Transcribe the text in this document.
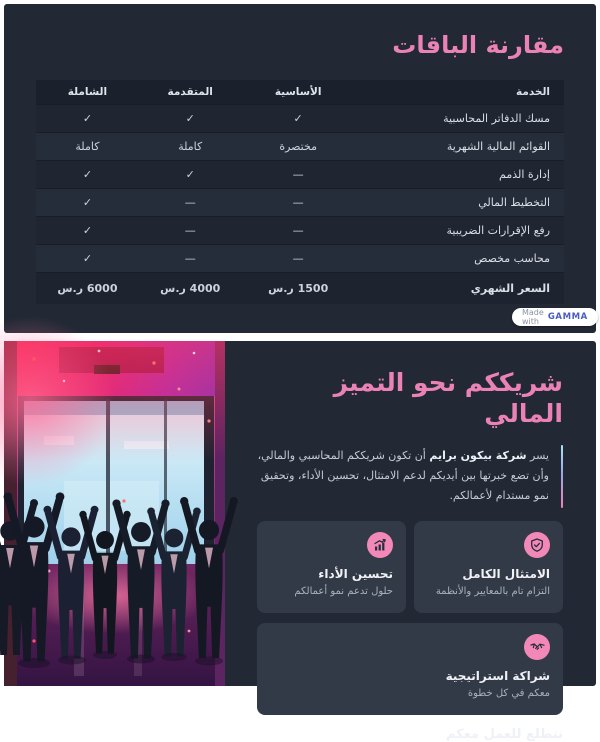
مقارنة الباقات
الخدمة
الأساسية
المتقدمة
الشاملة
مسك الدفاتر المحاسبية
✓
✓
✓
القوائم المالية الشهرية
مختصرة
كاملة
كاملة
إدارة الذمم
—
✓
✓
التخطيط المالي
—
—
✓
رفع الإقرارات الضريبية
—
—
✓
محاسب مخصص
—
—
✓
السعر الشهري
1500 ر.س
4000 ر.س
6000 ر.س
Made with	GAMMA
شريككم نحو التميز المالي
يسر شركة بيكون برايم أن تكون شريككم المحاسبي والمالي، وأن تضع خبرتها بين أيديكم لدعم الامتثال، تحسين الأداء، وتحقيق نمو مستدام لأعمالكم.
الامتثال الكامل
التزام تام بالمعايير والأنظمة
تحسين الأداء
حلول تدعم نمو أعمالكم
شراكة استراتيجية
معكم في كل خطوة
نتطلع للعمل معكم
